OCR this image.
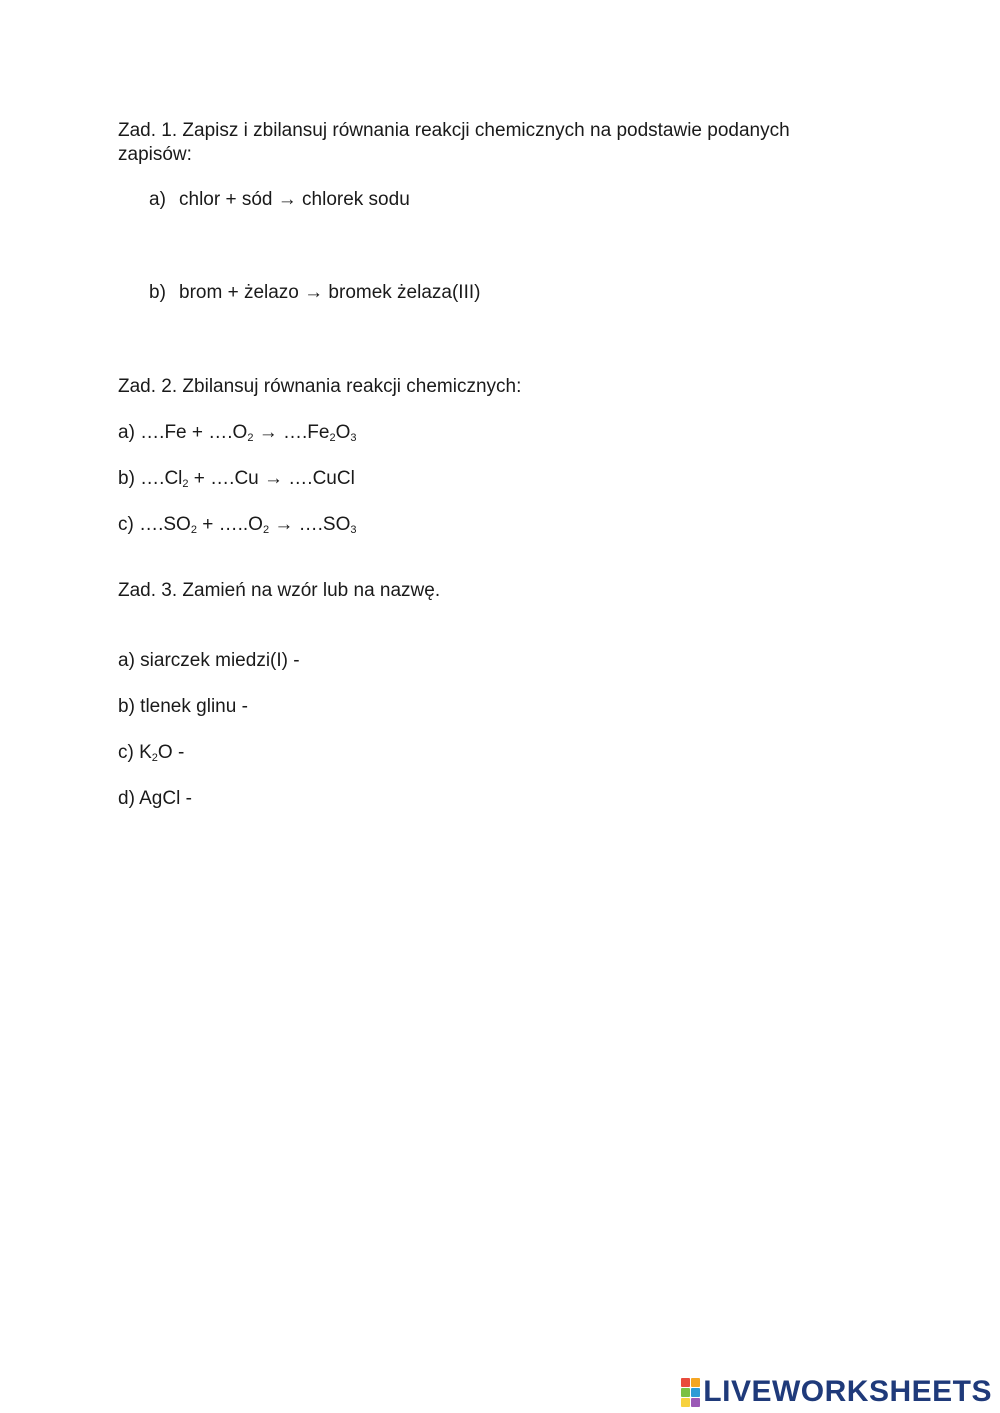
Zad. 1. Zapisz i zbilansuj równania reakcji chemicznych na podstawie podanych
zapisów:
a) chlor + sód → chlorek sodu
b) brom + żelazo → bromek żelaza(III)
Zad. 2. Zbilansuj równania reakcji chemicznych:
a) ….Fe + $\dots.O_2$ → $\dots.Fe_2O_3$
b) $\dots.Cl_2$ + ….Cu → ….CuCl
c) $\dots.SO_2$ + $\dots..O_2$ → $\dots.SO_3$
Zad. 3. Zamień na wzór lub na nazwę.
a) siarczek miedzi(I) -
b) tlenek glinu -
c) $K_2O$ -
d) AgCl -
LIVEWORKSHEETS
